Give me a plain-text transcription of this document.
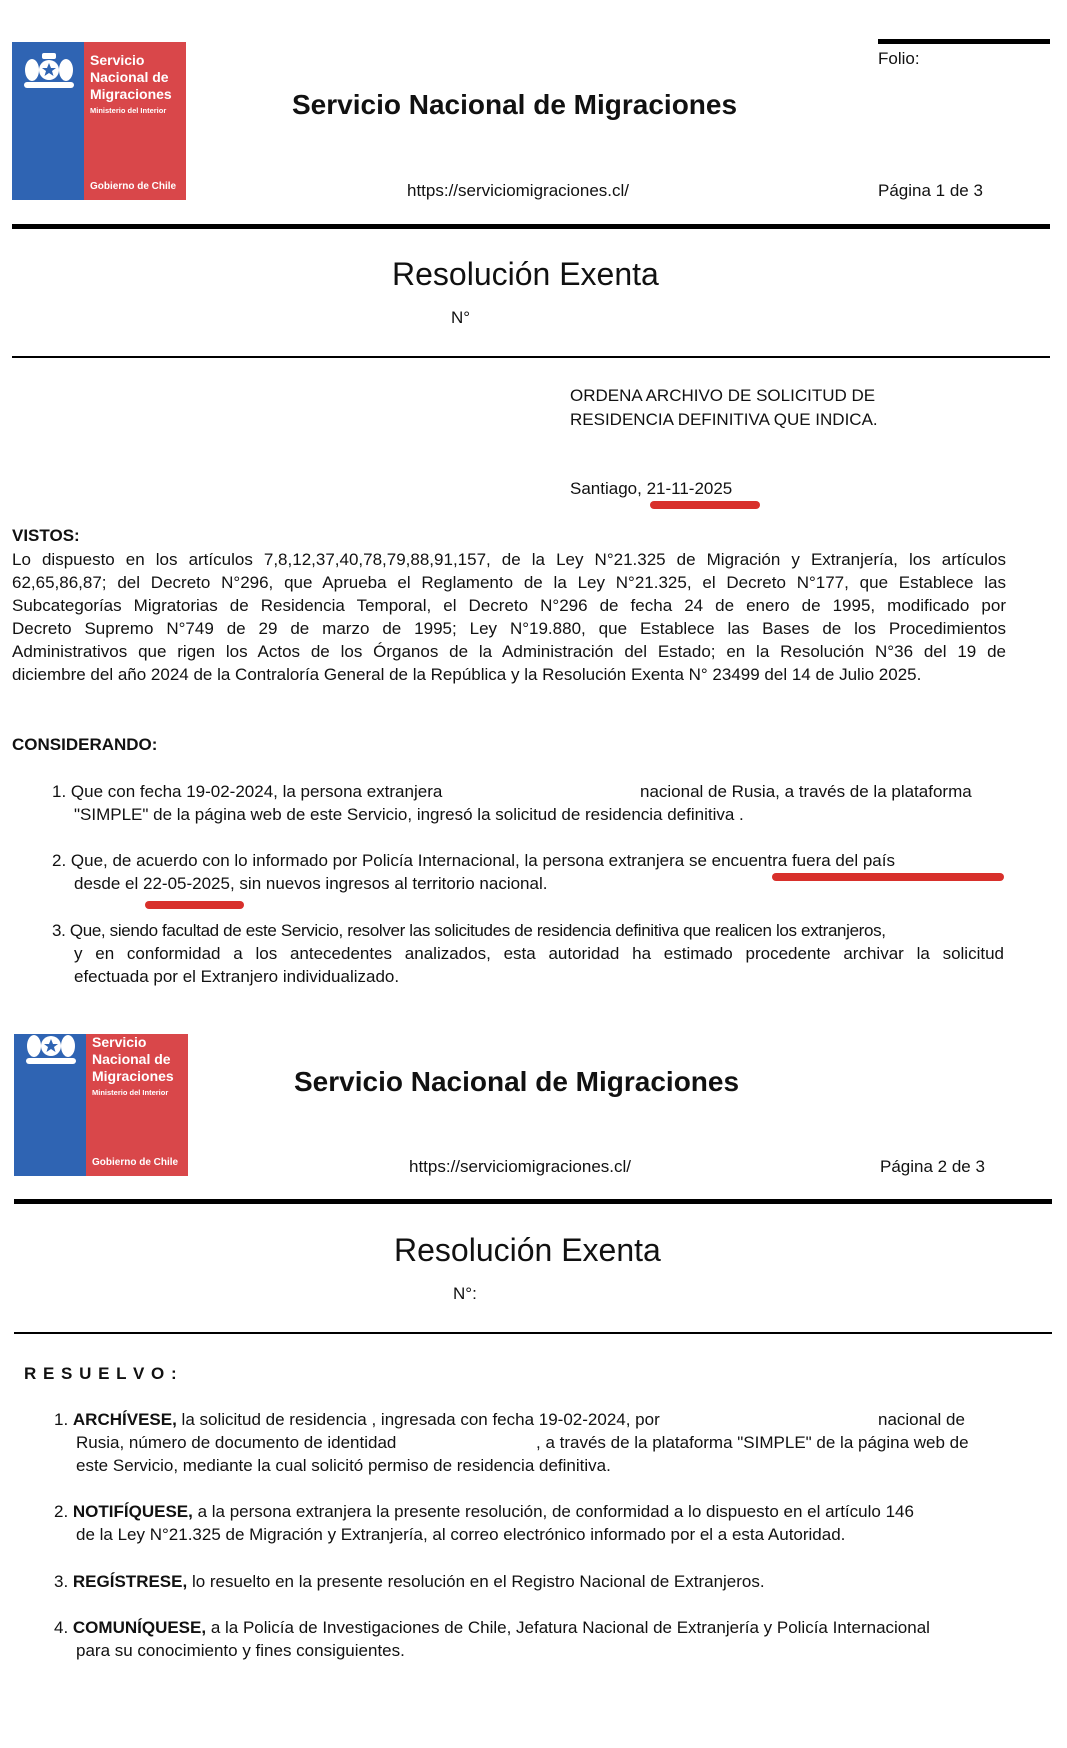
Servicio
Nacional de
Migraciones
Ministerio del Interior
Gobierno de Chile
Folio:
Servicio Nacional de Migraciones
https://serviciomigraciones.cl/	Página 1 de 3
Resolución Exenta
N°
ORDENA ARCHIVO DE SOLICITUD DE
RESIDENCIA DEFINITIVA QUE INDICA.
Santiago, 21-11-2025
VISTOS:
Lo dispuesto en los artículos 7,8,12,37,40,78,79,88,91,157, de la Ley N°21.325 de Migración y Extranjería, los artículos
62,65,86,87; del Decreto N°296, que Aprueba el Reglamento de la Ley N°21.325, el Decreto N°177, que Establece las
Subcategorías Migratorias de Residencia Temporal, el Decreto N°296 de fecha 24 de enero de 1995, modificado por
Decreto Supremo N°749 de 29 de marzo de 1995; Ley N°19.880, que Establece las Bases de los Procedimientos
Administrativos que rigen los Actos de los Órganos de la Administración del Estado; en la Resolución N°36 del 19 de
diciembre del año 2024 de la Contraloría General de la República y la Resolución Exenta N° 23499 del 14 de Julio 2025.
CONSIDERANDO:
1. Que con fecha 19-02-2024, la persona extranjera	nacional de Rusia, a través de la plataforma
"SIMPLE" de la página web de este Servicio, ingresó la solicitud de residencia definitiva .
2. Que, de acuerdo con lo informado por Policía Internacional, la persona extranjera se encuentra fuera del país
desde el 22-05-2025, sin nuevos ingresos al territorio nacional.
3. Que, siendo facultad de este Servicio, resolver las solicitudes de residencia definitiva que realicen los extranjeros,
y en conformidad a los antecedentes analizados, esta autoridad ha estimado procedente archivar la solicitud
efectuada por el Extranjero individualizado.
Servicio
Nacional de
Migraciones
Ministerio del Interior
Gobierno de Chile
Servicio Nacional de Migraciones
https://serviciomigraciones.cl/	Página 2 de 3
Resolución Exenta
N°:
R E S U E L V O :
1. ARCHÍVESE, la solicitud de residencia , ingresada con fecha 19-02-2024, por	nacional de
Rusia, número de documento de identidad	, a través de la plataforma "SIMPLE" de la página web de
este Servicio, mediante la cual solicitó permiso de residencia definitiva.
2. NOTIFÍQUESE, a la persona extranjera la presente resolución, de conformidad a lo dispuesto en el artículo 146
de la Ley N°21.325 de Migración y Extranjería, al correo electrónico informado por el a esta Autoridad.
3. REGÍSTRESE, lo resuelto en la presente resolución en el Registro Nacional de Extranjeros.
4. COMUNÍQUESE, a la Policía de Investigaciones de Chile, Jefatura Nacional de Extranjería y Policía Internacional
para su conocimiento y fines consiguientes.
